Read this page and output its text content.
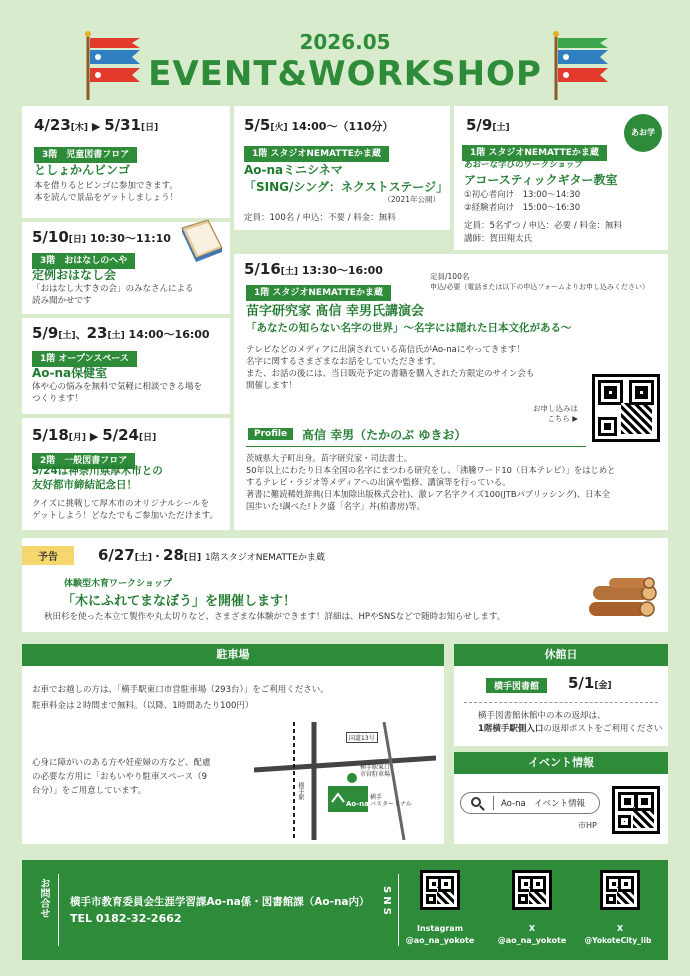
2026.05
EVENT&WORKSHOP
4/23[木] ▶ 5/31[日]
3階　児童図書フロア
としょかんビンゴ
本を借りるとビンゴに参加できます。
本を読んで景品をゲットしましょう！
5/5[火] 14:00～（110分）
1階 スタジオNEMATTEかま蔵
Ao-naミニシネマ
「SING/シング：ネクストステージ」
（2021年公開）
定員：100名 / 申込：不要 / 料金：無料
5/9[土]	あお学
1階 スタジオNEMATTEかま蔵
あおーな学びのワークショップ
アコースティックギター教室
①初心者向け　13:00～14:30
②経験者向け　15:00～16:30
定員：5名ずつ / 申込：必要 / 料金：無料
講師：賀田翔太氏
5/10[日] 10:30～11:10
3階　おはなしのへや
定例おはなし会
「おはなし大すきの会」のみなさんによる
読み聞かせです
5/9[土]、23[土] 14:00～16:00
1階 オープンスペース
Ao-na保健室
体や心の悩みを無料で気軽に相談できる場を
つくります！
5/18[月] ▶ 5/24[日]
2階　一般図書フロア
5/24は神奈川県厚木市との
友好都市締結記念日！
クイズに挑戦して厚木市のオリジナルシールを
ゲットしよう！どなたでもご参加いただけます。
5/16[土] 13:30～16:00	定員/100名
申込/必要（電話または以下の申込フォームよりお申し込みください）
1階 スタジオNEMATTEかま蔵
苗字研究家 髙信 幸男氏講演会
「あなたの知らない名字の世界」～名字には隠れた日本文化がある～
テレビなどのメディアに出演されている髙信氏がAo-naにやってきます！
名字に関するさまざまなお話をしていただきます。
また、お話の後には、当日販売予定の書籍を購入された方限定のサイン会も
開催します！
お申し込みは
こちら ▶
Profile	髙信 幸男（たかのぶ ゆきお）
茨城県大子町出身。苗字研究家・司法書士。
50年以上にわたり日本全国の名字にまつわる研究をし、「沸騰ワード10（日本テレビ）」をはじめと
するテレビ・ラジオ等メディアへの出演や監修、講演等を行っている。
著書に難読稀姓辞典(日本加除出版株式会社)、激レア名字クイズ100(JTBパブリッシング)、日本全
国歩いた!調べた!トク盛「名字」丼(柏書房)等。
予告	6/27[土]・28[日] 1階スタジオNEMATTEかま蔵
体験型木育ワークショップ
「木にふれてまなぼう」を開催します！
秋田杉を使った本立て製作や丸太切りなど、さまざまな体験ができます！詳細は、HPやSNSなどで随時お知らせします。
駐車場
お車でお越しの方は、「横手駅東口市営駐車場（293台）」をご利用ください。
駐車料金は２時間まで無料。（以降、1時間あたり100円）
心身に障がいのある方や妊産婦の方など、配慮
の必要な方用に「おもいやり駐車スペース（9
台分）」をご用意しています。
Ao-na
横手駅東口
市営駐車場
横手
バスターミナル
国道13号
横手駅
休館日
横手図書館	5/1[金]
横手図書館休館中の本の返却は、
1階横手駅側入口の返却ポストをご利用ください
イベント情報
Ao-na　イベント情報
市HP
お問合せ 横手市教育委員会生涯学習課Ao-na係・図書館課（Ao-na内）
TEL 0182-32-2662
SNS
Instagram
@ao_na_yokote
X
@ao_na_yokote
X
@YokoteCity_lib
